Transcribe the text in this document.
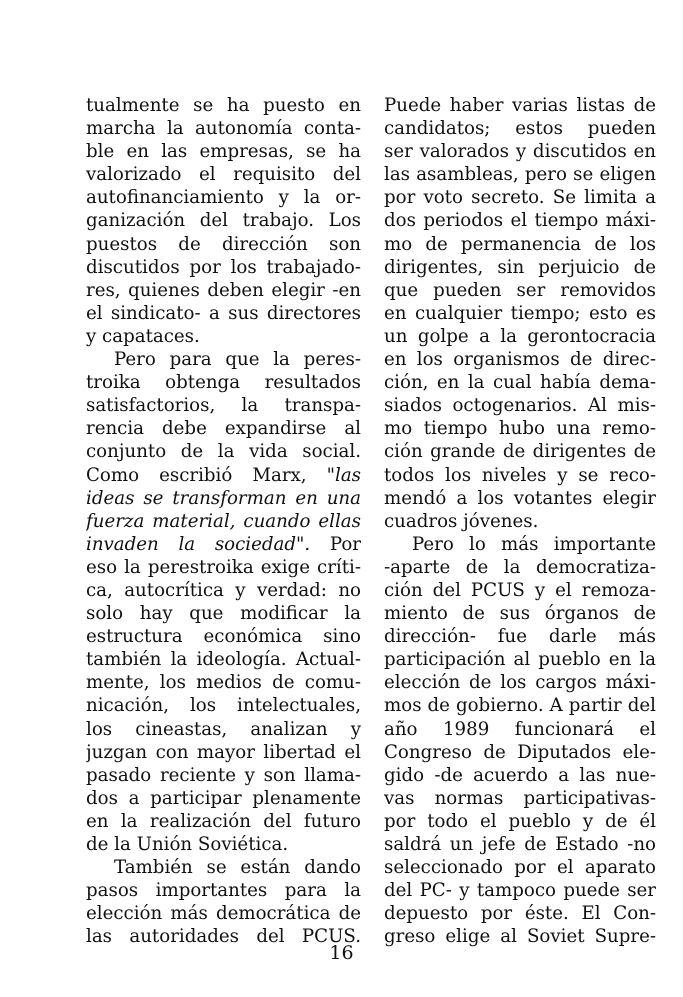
tualmente se ha puesto en
marcha la autonomía conta-
ble en las empresas, se ha
valorizado el requisito del
autofinanciamiento y la or-
ganización del trabajo. Los
puestos de dirección son
discutidos por los trabajado-
res, quienes deben elegir -en
el sindicato- a sus directores
y capataces.
Pero para que la peres-
troika obtenga resultados
satisfactorios, la transpa-
rencia debe expandirse al
conjunto de la vida social.
Como escribió Marx, "las
ideas se transforman en una
fuerza material, cuando ellas
invaden la sociedad". Por
eso la perestroika exige críti-
ca, autocrítica y verdad: no
solo hay que modificar la
estructura económica sino
también la ideología. Actual-
mente, los medios de comu-
nicación, los intelectuales,
los cineastas, analizan y
juzgan con mayor libertad el
pasado reciente y son llama-
dos a participar plenamente
en la realización del futuro
de la Unión Soviética.
También se están dando
pasos importantes para la
elección más democrática de
las autoridades del PCUS.
Puede haber varias listas de
candidatos; estos pueden
ser valorados y discutidos en
las asambleas, pero se eligen
por voto secreto. Se limita a
dos periodos el tiempo máxi-
mo de permanencia de los
dirigentes, sin perjuicio de
que pueden ser removidos
en cualquier tiempo; esto es
un golpe a la gerontocracia
en los organismos de direc-
ción, en la cual había dema-
siados octogenarios. Al mis-
mo tiempo hubo una remo-
ción grande de dirigentes de
todos los niveles y se reco-
mendó a los votantes elegir
cuadros jóvenes.
Pero lo más importante
-aparte de la democratiza-
ción del PCUS y el remoza-
miento de sus órganos de
dirección- fue darle más
participación al pueblo en la
elección de los cargos máxi-
mos de gobierno. A partir del
año 1989 funcionará el
Congreso de Diputados ele-
gido -de acuerdo a las nue-
vas normas participativas-
por todo el pueblo y de él
saldrá un jefe de Estado -no
seleccionado por el aparato
del PC- y tampoco puede ser
depuesto por éste. El Con-
greso elige al Soviet Supre-
16
